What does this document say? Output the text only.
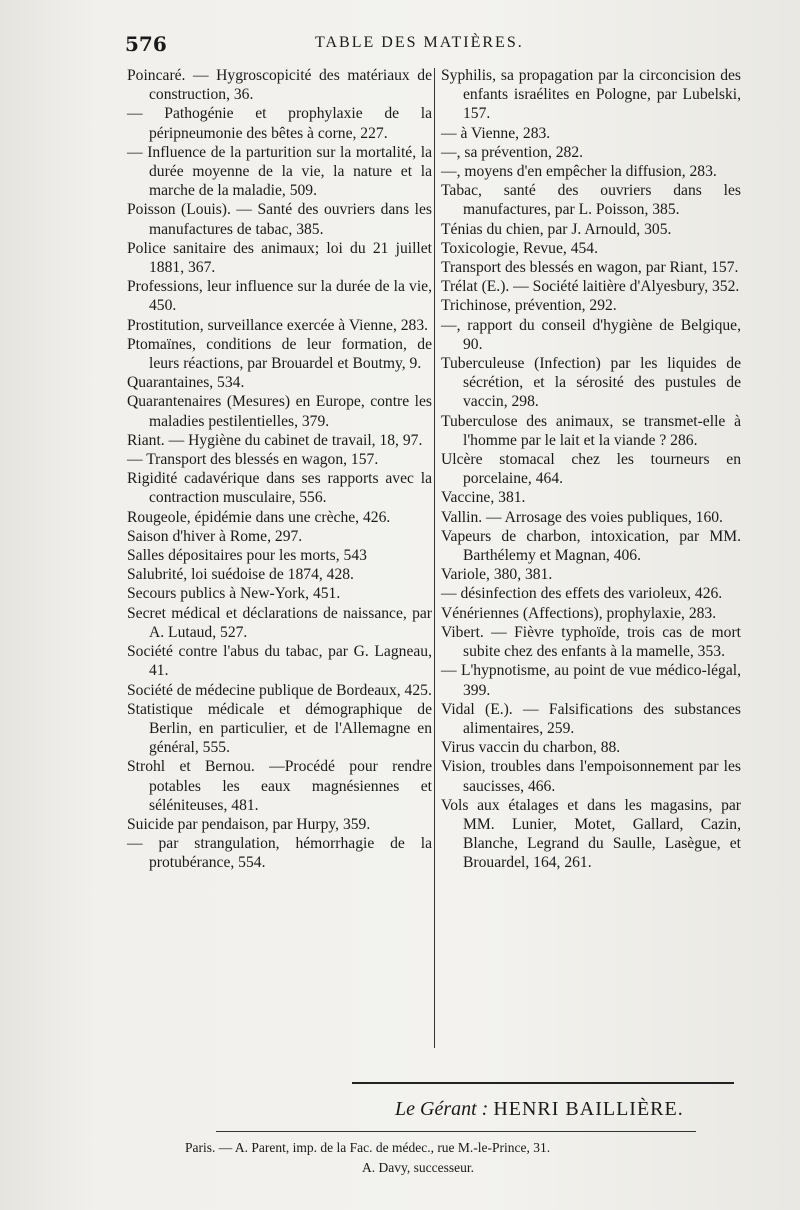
576	TABLE DES MATIÈRES.

Poincaré. — Hygroscopicité des matériaux de construction, 36.

— Pathogénie et prophylaxie de la péripneumonie des bêtes à corne, 227.

— Influence de la parturition sur la mortalité, la durée moyenne de la vie, la nature et la marche de la maladie, 509.

Poisson (Louis). — Santé des ouvriers dans les manufactures de tabac, 385.

Police sanitaire des animaux; loi du 21 juillet 1881, 367.

Professions, leur influence sur la durée de la vie, 450.

Prostitution, surveillance exercée à Vienne, 283.

Ptomaïnes, conditions de leur formation, de leurs réactions, par Brouardel et Boutmy, 9.

Quarantaines, 534.

Quarantenaires (Mesures) en Europe, contre les maladies pestilentielles, 379.

Riant. — Hygiène du cabinet de travail, 18, 97.

— Transport des blessés en wagon, 157.

Rigidité cadavérique dans ses rapports avec la contraction musculaire, 556.

Rougeole, épidémie dans une crèche, 426.

Saison d'hiver à Rome, 297.

Salles dépositaires pour les morts, 543

Salubrité, loi suédoise de 1874, 428.

Secours publics à New-York, 451.

Secret médical et déclarations de naissance, par A. Lutaud, 527.

Société contre l'abus du tabac, par G. Lagneau, 41.

Société de médecine publique de Bordeaux, 425.

Statistique médicale et démographique de Berlin, en particulier, et de l'Allemagne en général, 555.

Strohl et Bernou. —Procédé pour rendre potables les eaux magnésiennes et séléniteuses, 481.

Suicide par pendaison, par Hurpy, 359.

— par strangulation, hémorrhagie de la protubérance, 554.

Syphilis, sa propagation par la circoncision des enfants israélites en Pologne, par Lubelski, 157.

— à Vienne, 283.

—, sa prévention, 282.

—, moyens d'en empêcher la diffusion, 283.

Tabac, santé des ouvriers dans les manufactures, par L. Poisson, 385.

Ténias du chien, par J. Arnould, 305.

Toxicologie, Revue, 454.

Transport des blessés en wagon, par Riant, 157.

Trélat (E.). — Société laitière d'Alyesbury, 352.

Trichinose, prévention, 292.

—, rapport du conseil d'hygiène de Belgique, 90.

Tuberculeuse (Infection) par les liquides de sécrétion, et la sérosité des pustules de vaccin, 298.

Tuberculose des animaux, se transmet-elle à l'homme par le lait et la viande ? 286.

Ulcère stomacal chez les tourneurs en porcelaine, 464.

Vaccine, 381.

Vallin. — Arrosage des voies publiques, 160.

Vapeurs de charbon, intoxication, par MM. Barthélemy et Magnan, 406.

Variole, 380, 381.

— désinfection des effets des varioleux, 426.

Vénériennes (Affections), prophylaxie, 283.

Vibert. — Fièvre typhoïde, trois cas de mort subite chez des enfants à la mamelle, 353.

— L'hypnotisme, au point de vue médico-légal, 399.

Vidal (E.). — Falsifications des substances alimentaires, 259.

Virus vaccin du charbon, 88.

Vision, troubles dans l'empoisonnement par les saucisses, 466.

Vols aux étalages et dans les magasins, par MM. Lunier, Motet, Gallard, Cazin, Blanche, Legrand du Saulle, Lasègue, et Brouardel, 164, 261.

Le Gérant : HENRI BAILLIÈRE.
Paris. — A. Parent, imp. de la Fac. de médec., rue M.-le-Prince, 31.
A. Davy, successeur.
